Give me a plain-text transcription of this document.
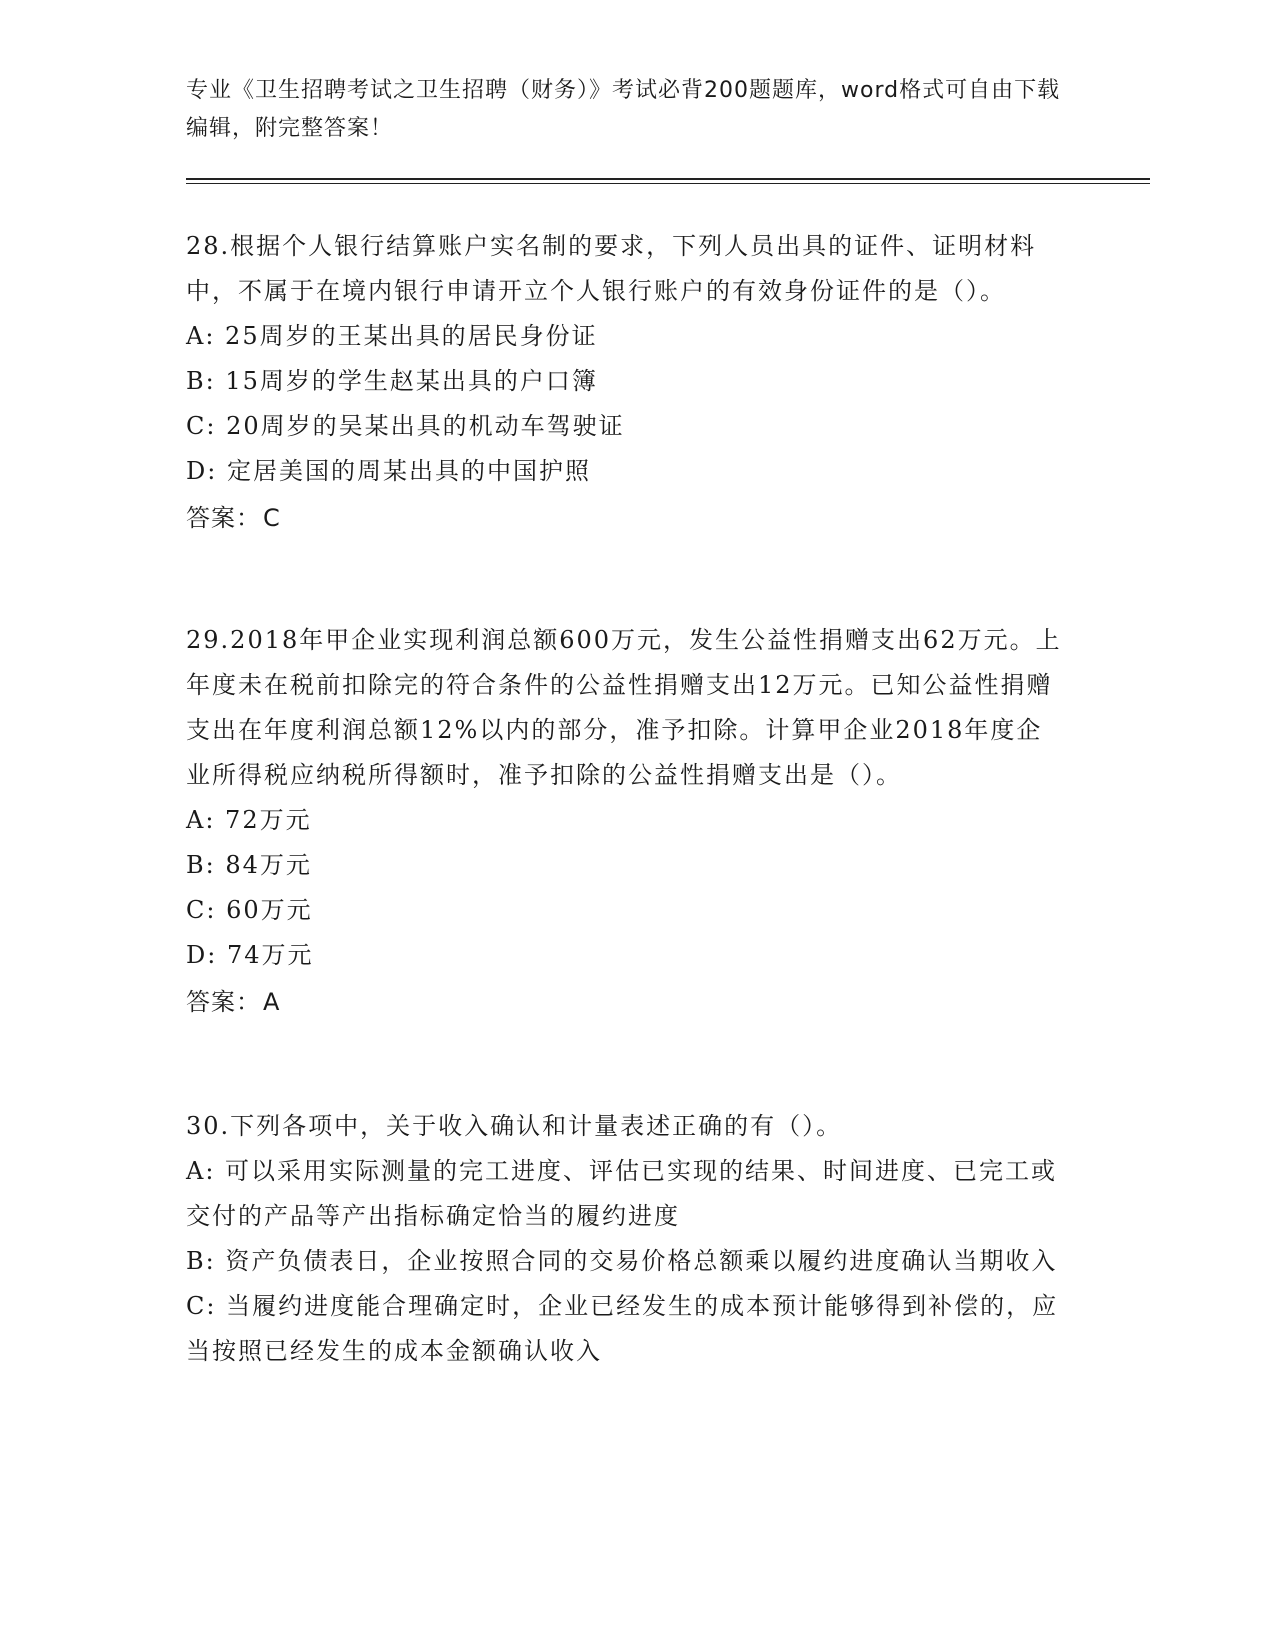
专业《卫生招聘考试之卫生招聘（财务）》考试必背200题题库，word格式可自由下载编辑，附完整答案！
28.根据个人银行结算账户实名制的要求，下列人员出具的证件、证明材料中，不属于在境内银行申请开立个人银行账户的有效身份证件的是（）。
A: 25周岁的王某出具的居民身份证
B: 15周岁的学生赵某出具的户口簿
C: 20周岁的吴某出具的机动车驾驶证
D: 定居美国的周某出具的中国护照
答案：C
29.2018年甲企业实现利润总额600万元，发生公益性捐赠支出62万元。上年度未在税前扣除完的符合条件的公益性捐赠支出12万元。已知公益性捐赠支出在年度利润总额12%以内的部分，准予扣除。计算甲企业2018年度企业所得税应纳税所得额时，准予扣除的公益性捐赠支出是（）。
A: 72万元
B: 84万元
C: 60万元
D: 74万元
答案：A
30.下列各项中，关于收入确认和计量表述正确的有（）。
A: 可以采用实际测量的完工进度、评估已实现的结果、时间进度、已完工或交付的产品等产出指标确定恰当的履约进度
B: 资产负债表日，企业按照合同的交易价格总额乘以履约进度确认当期收入
C: 当履约进度能合理确定时，企业已经发生的成本预计能够得到补偿的，应当按照已经发生的成本金额确认收入
